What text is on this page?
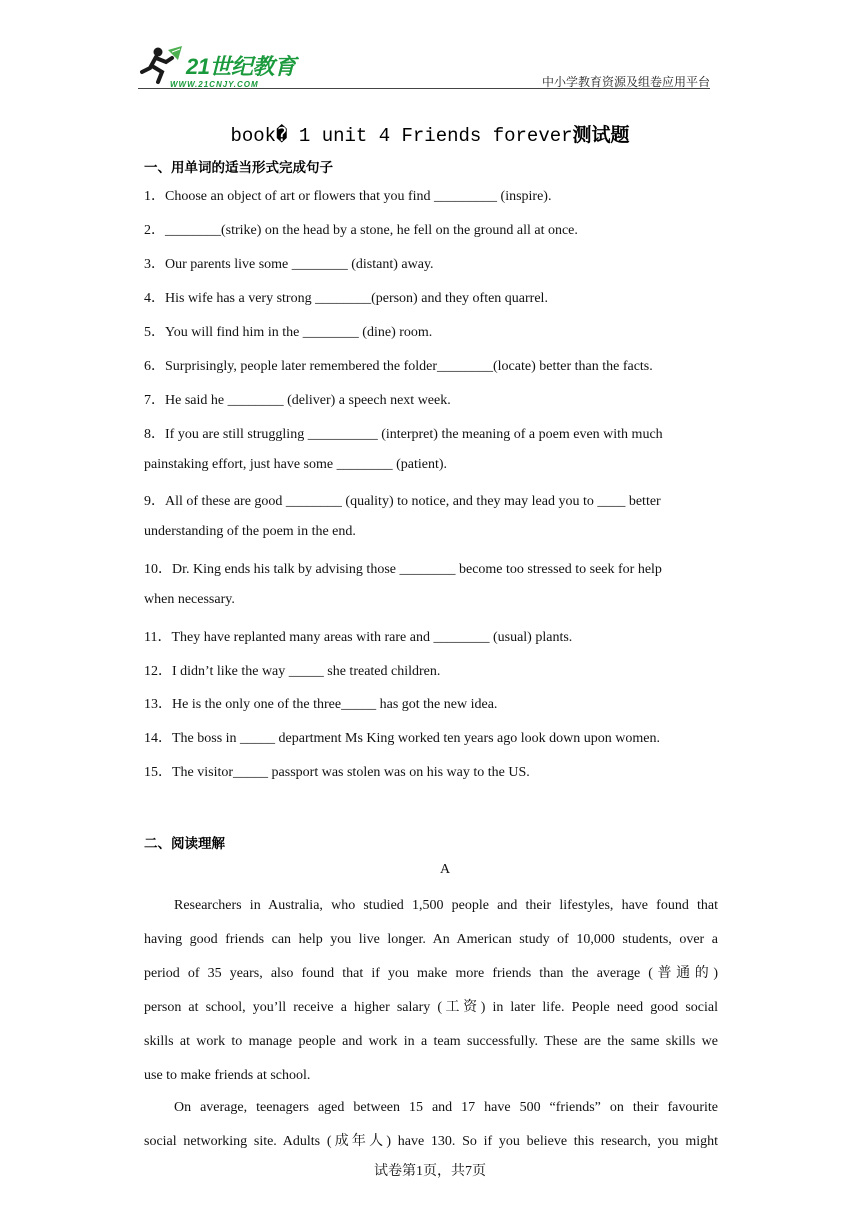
21世纪教育
WWW.21CNJY.COM	中小学教育资源及组卷应用平台
book� 1 unit 4 Friends forever测试题
一、用单词的适当形式完成句子
1．Choose an object of art or flowers that you find _________ (inspire).
2．________(strike) on the head by a stone, he fell on the ground all at once.
3．Our parents live some ________ (distant) away.
4．His wife has a very strong ________(person) and they often quarrel.
5．You will find him in the ________ (dine) room.
6．Surprisingly, people later remembered the folder________(locate) better than the facts.
7．He said he ________ (deliver) a speech next week.
8．If you are still struggling __________ (interpret) the meaning of a poem even with much
painstaking effort, just have some ________ (patient).
9．All of these are good ________ (quality) to notice, and they may lead you to ____ better
understanding of the poem in the end.
10．Dr. King ends his talk by advising those ________ become too stressed to seek for help
when necessary.
11．They have replanted many areas with rare and ________ (usual) plants.
12．I didn’t like the way _____ she treated children.
13．He is the only one of the three_____ has got the new idea.
14．The boss in _____ department Ms King worked ten years ago look down upon women.
15．The visitor_____ passport was stolen was on his way to the US.
二、阅读理解
A
Researchers in Australia, who studied 1,500 people and their lifestyles, have found that
having good friends can help you live longer. An American study of 10,000 students, over a
period of 35 years, also found that if you make more friends than the average (普通的)
person at school, you’ll receive a higher salary (工资) in later life. People need good social
skills at work to manage people and work in a team successfully. These are the same skills we
use to make friends at school.
On average, teenagers aged between 15 and 17 have 500 “friends” on their favourite
social networking site. Adults (成年人) have 130. So if you believe this research, you might
试卷第1页，共7页
